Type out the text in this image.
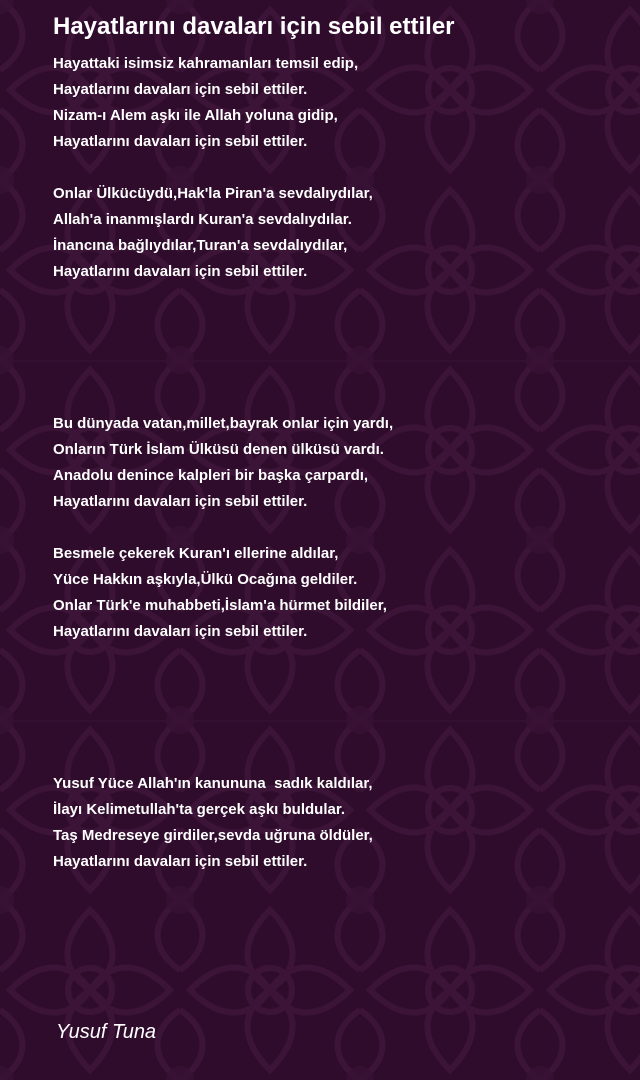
Hayatlarını davaları için sebil ettiler
Hayattaki isimsiz kahramanları temsil edip,
Hayatlarını davaları için sebil ettiler.
Nizam-ı Alem aşkı ile Allah yoluna gidip,
Hayatlarını davaları için sebil ettiler.
Onlar Ülkücüydü,Hak'la Piran'a sevdalıydılar,
Allah'a inanmışlardı Kuran'a sevdalıydılar.
İnancına bağlıydılar,Turan'a sevdalıydılar,
Hayatlarını davaları için sebil ettiler.
Bu dünyada vatan,millet,bayrak onlar için yardı,
Onların Türk İslam Ülküsü denen ülküsü vardı.
Anadolu denince kalpleri bir başka çarpardı,
Hayatlarını davaları için sebil ettiler.
Besmele çekerek Kuran'ı ellerine aldılar,
Yüce Hakkın aşkıyla,Ülkü Ocağına geldiler.
Onlar Türk'e muhabbeti,İslam'a hürmet bildiler,
Hayatlarını davaları için sebil ettiler.
Yusuf Yüce Allah'ın kanununa  sadık kaldılar,
İlayı Kelimetullah'ta gerçek aşkı buldular.
Taş Medreseye girdiler,sevda uğruna öldüler,
Hayatlarını davaları için sebil ettiler.
Yusuf Tuna
